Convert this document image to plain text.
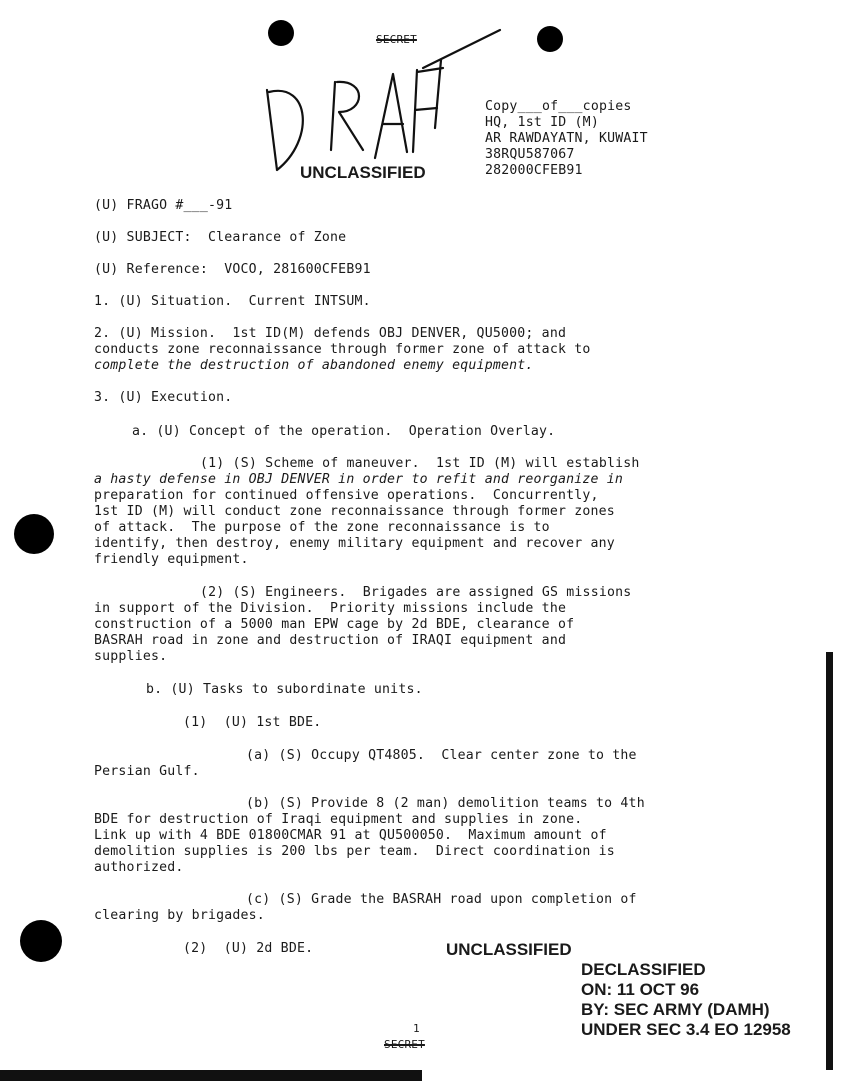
SECRET
DRAFT
UNCLASSIFIED
Copy___of___copies
HQ, 1st ID (M)
AR RAWDAYATN, KUWAIT
38RQU587067
282000CFEB91
(U) FRAGO #___-91
(U) SUBJECT:  Clearance of Zone
(U) Reference:  VOCO, 281600CFEB91
1. (U) Situation.  Current INTSUM.
2. (U) Mission.  1st ID(M) defends OBJ DENVER, QU5000; and
conducts zone reconnaissance through former zone of attack to
complete the destruction of abandoned enemy equipment.
3. (U) Execution.
a. (U) Concept of the operation.  Operation Overlay.
(1) (S) Scheme of maneuver.  1st ID (M) will establish
a hasty defense in OBJ DENVER in order to refit and reorganize in
preparation for continued offensive operations.  Concurrently,
1st ID (M) will conduct zone reconnaissance through former zones
of attack.  The purpose of the zone reconnaissance is to
identify, then destroy, enemy military equipment and recover any
friendly equipment.
(2) (S) Engineers.  Brigades are assigned GS missions
in support of the Division.  Priority missions include the
construction of a 5000 man EPW cage by 2d BDE, clearance of
BASRAH road in zone and destruction of IRAQI equipment and
supplies.
b. (U) Tasks to subordinate units.
(1)  (U) 1st BDE.
(a) (S) Occupy QT4805.  Clear center zone to the
Persian Gulf.
(b) (S) Provide 8 (2 man) demolition teams to 4th
BDE for destruction of Iraqi equipment and supplies in zone.
Link up with 4 BDE 01800CMAR 91 at QU500050.  Maximum amount of
demolition supplies is 200 lbs per team.  Direct coordination is
authorized.
(c) (S) Grade the BASRAH road upon completion of
clearing by brigades.
(2)  (U) 2d BDE.	UNCLASSIFIED
DECLASSIFIED
ON: 11 OCT 96
BY: SEC ARMY (DAMH)
UNDER SEC 3.4 EO 12958
1
SECRET
